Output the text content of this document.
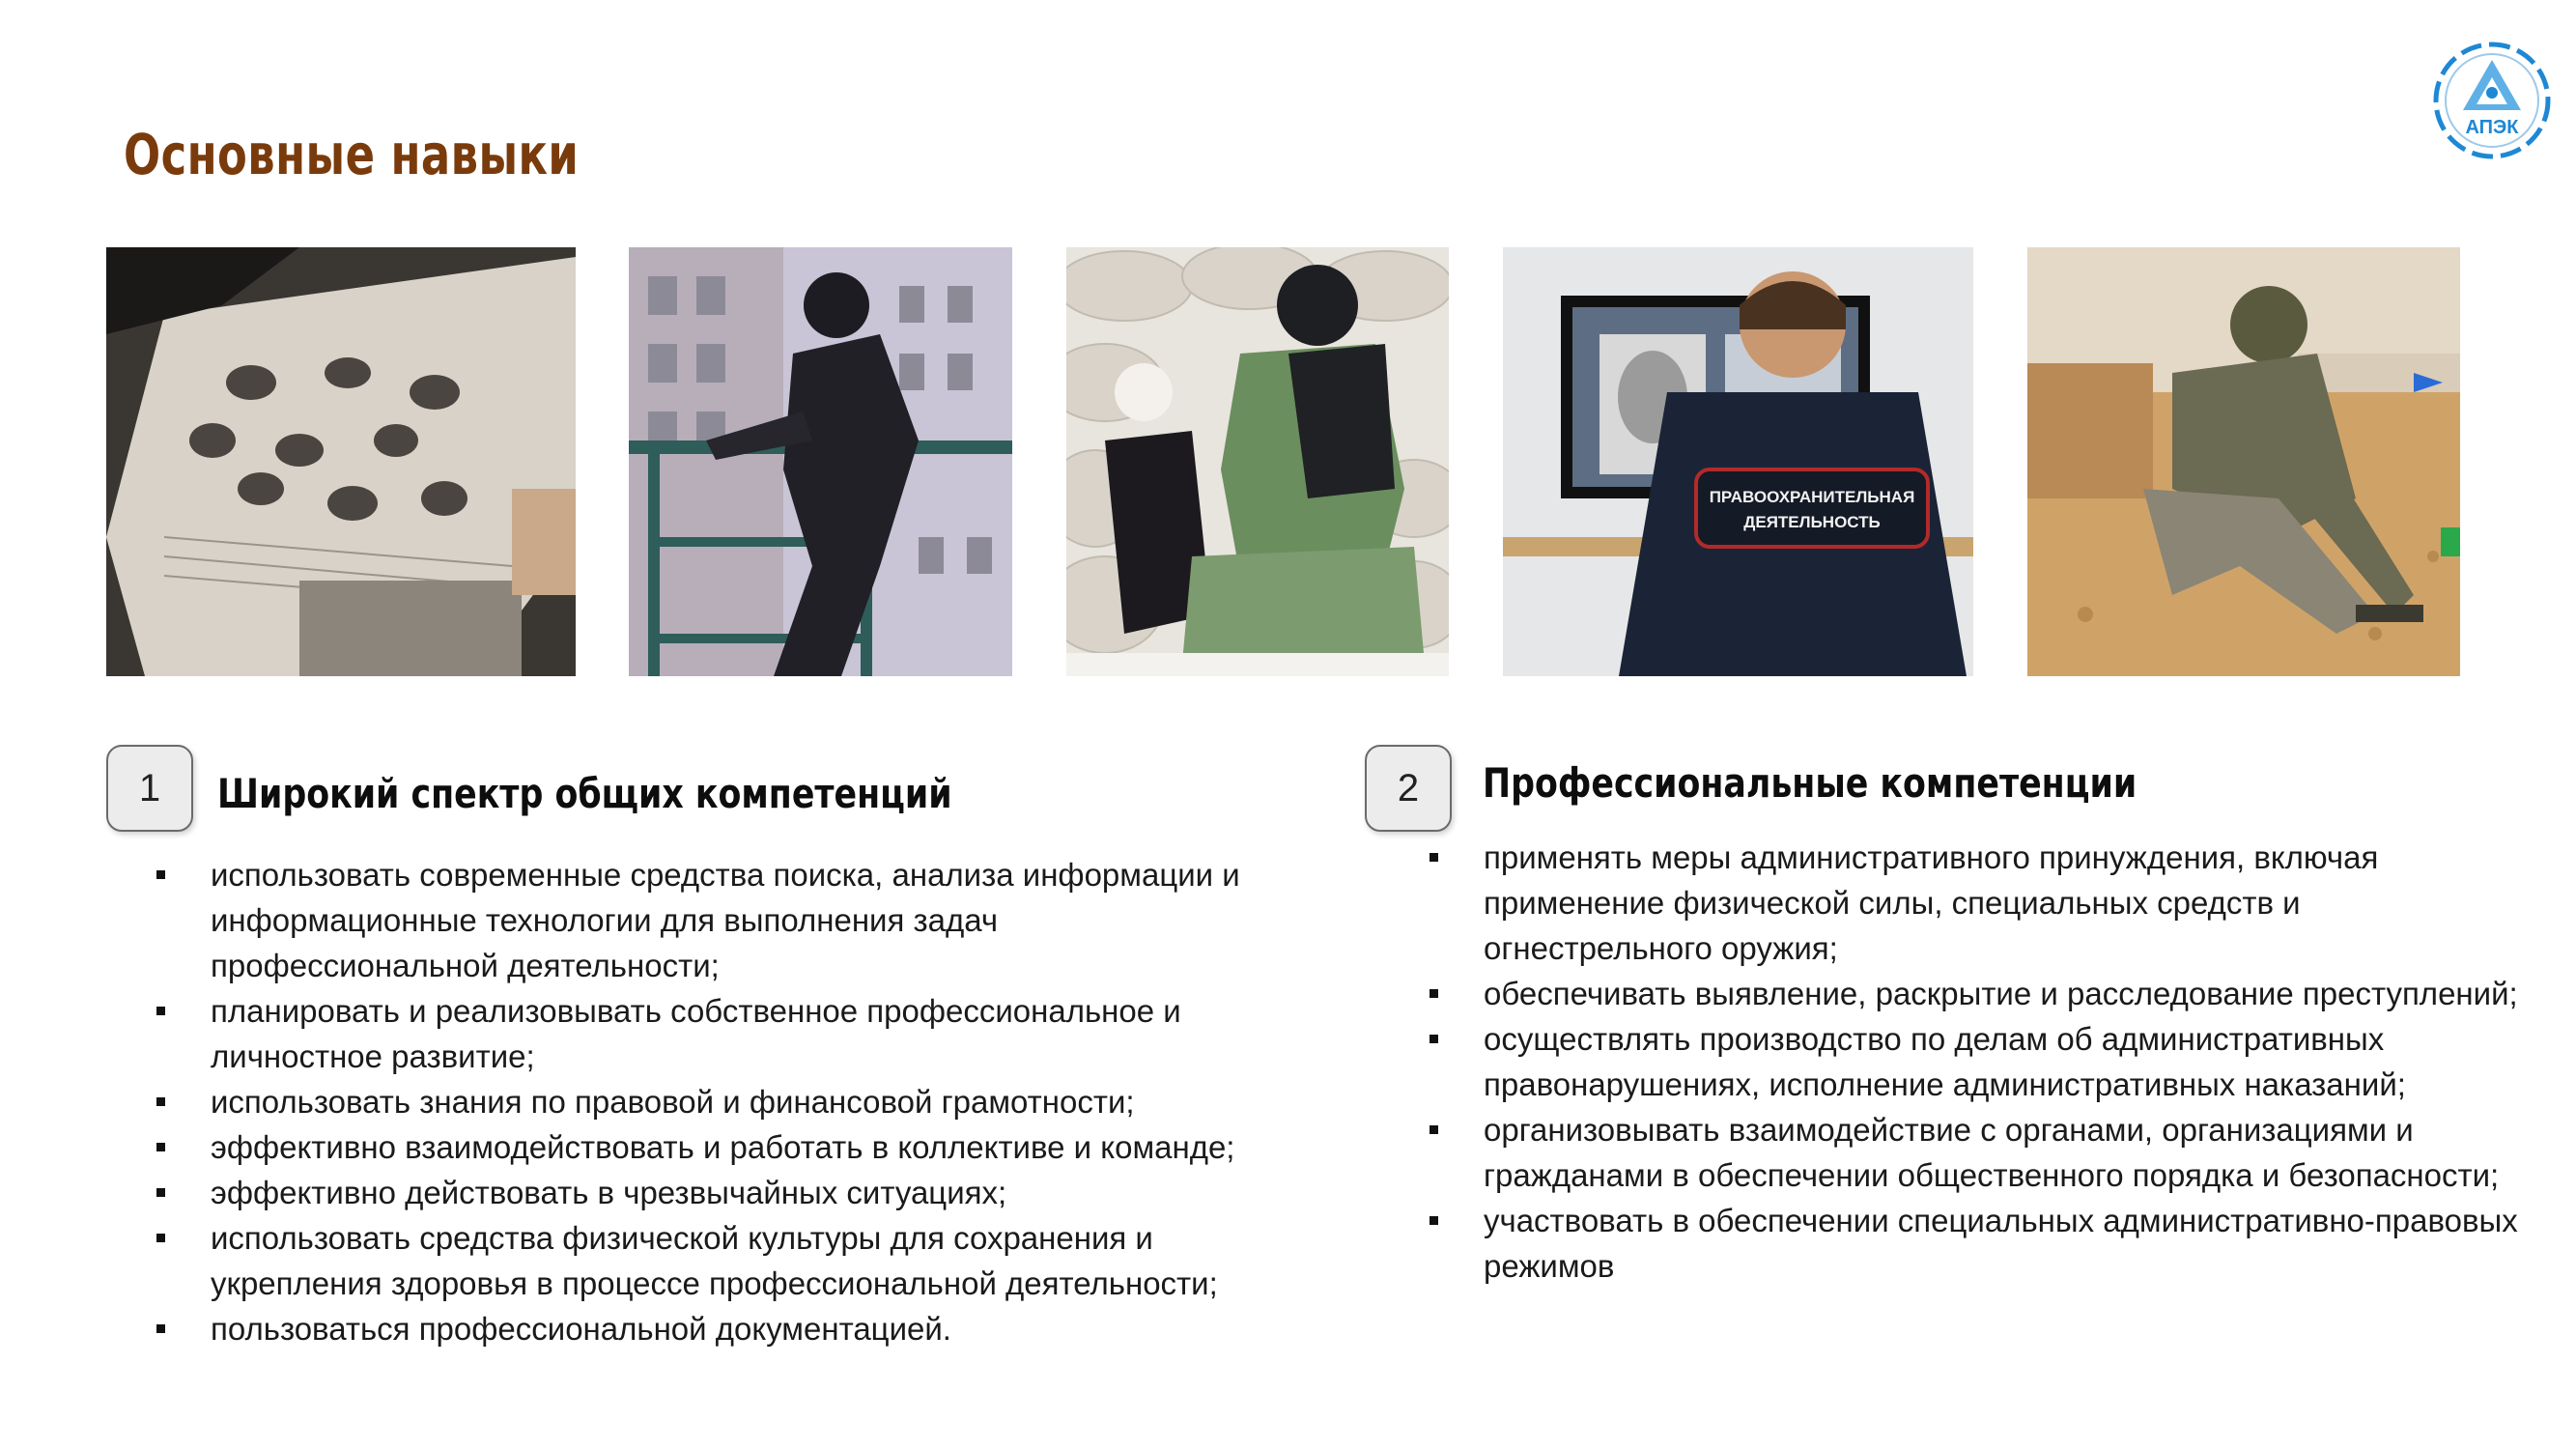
Основные навыки	АПЭК
ПРАВООХРАНИТЕЛЬНАЯ
ДЕЯТЕЛЬНОСТЬ
1	Широкий спектр общих компетенций
использовать современные средства поиска, анализа информации и информационные технологии для выполнения задач профессиональной деятельности;
планировать и реализовывать собственное профессиональное и личностное развитие;
использовать знания по правовой и финансовой грамотности;
эффективно взаимодействовать и работать в коллективе и команде;
эффективно действовать в чрезвычайных ситуациях;
использовать средства физической культуры для сохранения и укрепления здоровья в процессе профессиональной деятельности;
пользоваться профессиональной документацией.
2	Профессиональные компетенции
применять меры административного принуждения, включая применение физической силы, специальных средств и огнестрельного оружия;
обеспечивать выявление, раскрытие и расследование преступлений;
осуществлять производство по делам об административных правонарушениях, исполнение административных наказаний;
организовывать взаимодействие с органами, организациями и гражданами в обеспечении общественного порядка и безопасности;
участвовать в обеспечении специальных административно-правовых режимов
